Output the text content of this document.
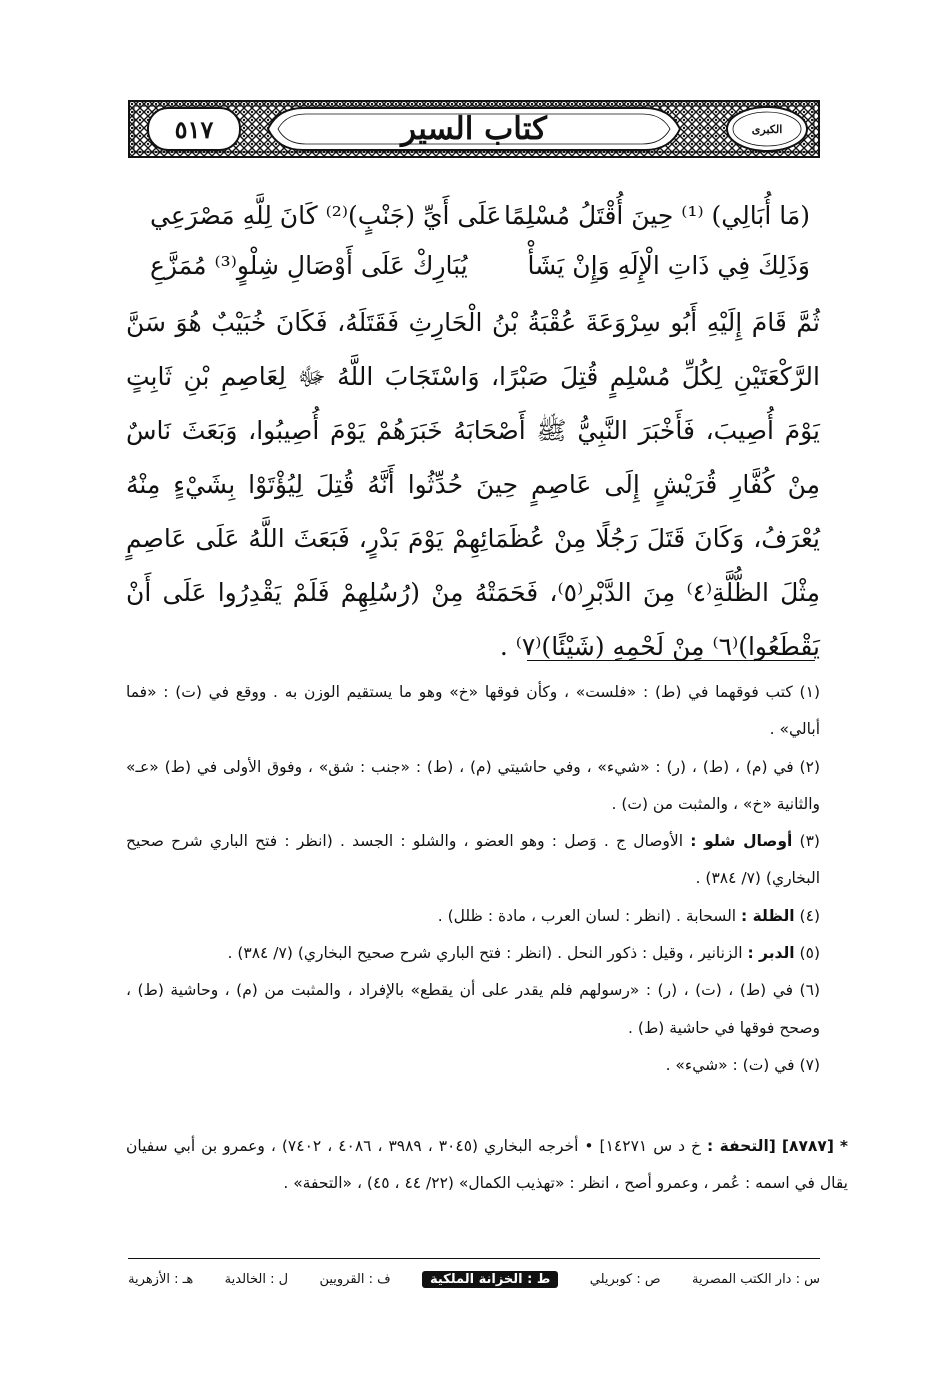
٥١٧	كتاب السير	الكبرى
(مَا أُبَالِي) ⁽¹⁾ حِينَ أُقْتَلُ مُسْلِمًا
عَلَى أَيِّ (جَنْبٍ)⁽²⁾ كَانَ لِلَّهِ مَصْرَعِي
وَذَلِكَ فِي ذَاتِ الْإِلَهِ وَإِنْ يَشَأْ
يُبَارِكْ عَلَى أَوْصَالِ شِلْوٍ⁽³⁾ مُمَزَّعِ
ثُمَّ قَامَ إِلَيْهِ أَبُو سِرْوَعَةَ عُقْبَةُ بْنُ الْحَارِثِ فَقَتَلَهُ، فَكَانَ خُبَيْبٌ هُوَ سَنَّ الرَّكْعَتَيْنِ لِكُلِّ مُسْلِمٍ قُتِلَ صَبْرًا، وَاسْتَجَابَ اللَّهُ ﷻ لِعَاصِمِ بْنِ ثَابِتٍ يَوْمَ أُصِيبَ، فَأَخْبَرَ النَّبِيُّ ﷺ أَصْحَابَهُ خَبَرَهُمْ يَوْمَ أُصِيبُوا، وَبَعَثَ نَاسٌ مِنْ كُفَّارِ قُرَيْشٍ إِلَى عَاصِمٍ حِينَ حُدِّثُوا أَنَّهُ قُتِلَ لِيُؤْتَوْا بِشَيْءٍ مِنْهُ يُعْرَفُ، وَكَانَ قَتَلَ رَجُلًا مِنْ عُظَمَائِهِمْ يَوْمَ بَدْرٍ، فَبَعَثَ اللَّهُ عَلَى عَاصِمٍ مِثْلَ الظُّلَّةِ⁽٤⁾ مِنَ الدَّبْرِ⁽٥⁾، فَحَمَتْهُ مِنْ (رُسُلِهِمْ فَلَمْ يَقْدِرُوا عَلَى أَنْ يَقْطَعُوا)⁽٦⁾ مِنْ لَحْمِهِ (شَيْئًا)⁽٧⁾ .

(١) كتب فوقهما في (ط) : «فلست» ، وكأن فوقها «خ» وهو ما يستقيم الوزن به . ووقع في (ت) : «فما أبالي» .

(٢) في (م) ، (ط) ، (ر) : «شيء» ، وفي حاشيتي (م) ، (ط) : «جنب : شق» ، وفوق الأولى في (ط) «عـ» والثانية «خ» ، والمثبت من (ت) .

(٣) أوصال شلو : الأوصال ج . وَصل : وهو العضو ، والشلو : الجسد . (انظر : فتح الباري شرح صحيح البخاري) (٧/ ٣٨٤) .

(٤) الظلة : السحابة . (انظر : لسان العرب ، مادة : ظلل) .

(٥) الدبر : الزنانير ، وقيل : ذكور النحل . (انظر : فتح الباري شرح صحيح البخاري) (٧/ ٣٨٤) .

(٦) في (ط) ، (ت) ، (ر) : «رسولهم فلم يقدر على أن يقطع» بالإفراد ، والمثبت من (م) ، وحاشية (ط) ، وصحح فوقها في حاشية (ط) .

(٧) في (ت) : «شيء» .

* [٨٧٨٧] [التحفة : خ د س ١٤٢٧١] • أخرجه البخاري (٣٠٤٥ ، ٣٩٨٩ ، ٤٠٨٦ ، ٧٤٠٢) ، وعمرو بن أبي سفيان يقال في اسمه : عُمر ، وعمرو أصح ، انظر : «تهذيب الكمال» (٢٢/ ٤٤ ، ٤٥) ، «التحفة» .
س : دار الكتب المصرية
ص : كوبريلي
ط : الخزانة الملكية
ف : القرويين
ل : الخالدية
هـ : الأزهرية
